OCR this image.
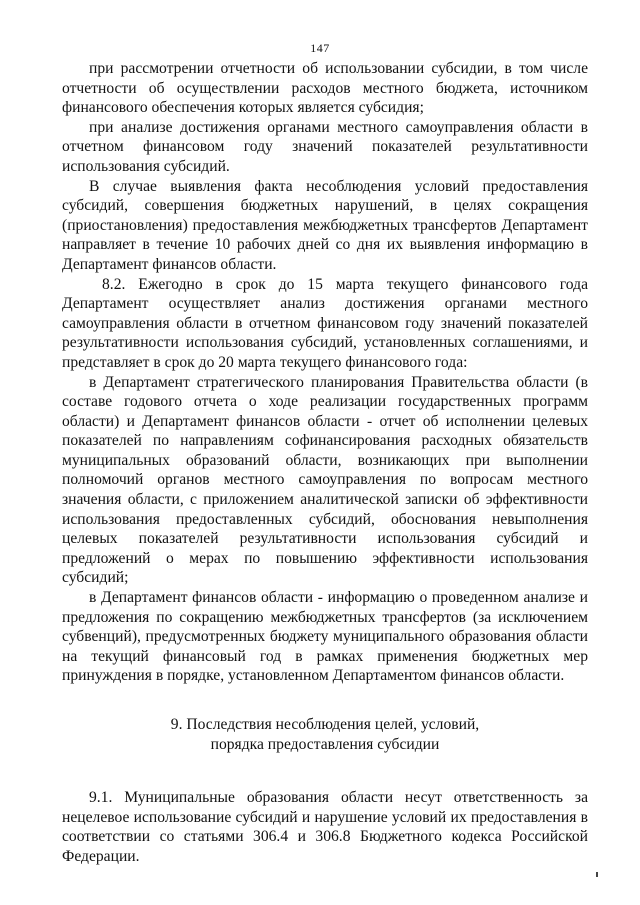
147

при рассмотрении отчетности об использовании субсидии, в том числе отчетности об осуществлении расходов местного бюджета, источником финансового обеспечения которых является субсидия;

при анализе достижения органами местного самоуправления области в отчетном финансовом году значений показателей результативности использования субсидий.

В случае выявления факта несоблюдения условий предоставления субсидий, совершения бюджетных нарушений, в целях сокращения (приостановления) предоставления межбюджетных трансфертов Департамент направляет в течение 10 рабочих дней со дня их выявления информацию в Департамент финансов области.

8.2. Ежегодно в срок до 15 марта текущего финансового года Департамент осуществляет анализ достижения органами местного самоуправления области в отчетном финансовом году значений показателей результативности использования субсидий, установленных соглашениями, и представляет в срок до 20 марта текущего финансового года:

в Департамент стратегического планирования Правительства области (в составе годового отчета о ходе реализации государственных программ области) и Департамент финансов области - отчет об исполнении целевых показателей по направлениям софинансирования расходных обязательств муниципальных образований области, возникающих при выполнении полномочий органов местного самоуправления по вопросам местного значения области, с приложением аналитической записки об эффективности использования предоставленных субсидий, обоснования невыполнения целевых показателей результативности использования субсидий и предложений о мерах по повышению эффективности использования субсидий;

в Департамент финансов области - информацию о проведенном анализе и предложения по сокращению межбюджетных трансфертов (за исключением субвенций), предусмотренных бюджету муниципального образования области на текущий финансовый год в рамках применения бюджетных мер принуждения в порядке, установленном Департаментом финансов области.

9. Последствия несоблюдения целей, условий,
порядка предоставления субсидии

9.1. Муниципальные образования области несут ответственность за нецелевое использование субсидий и нарушение условий их предоставления в соответствии со статьями 306.4 и 306.8 Бюджетного кодекса Российской Федерации.
